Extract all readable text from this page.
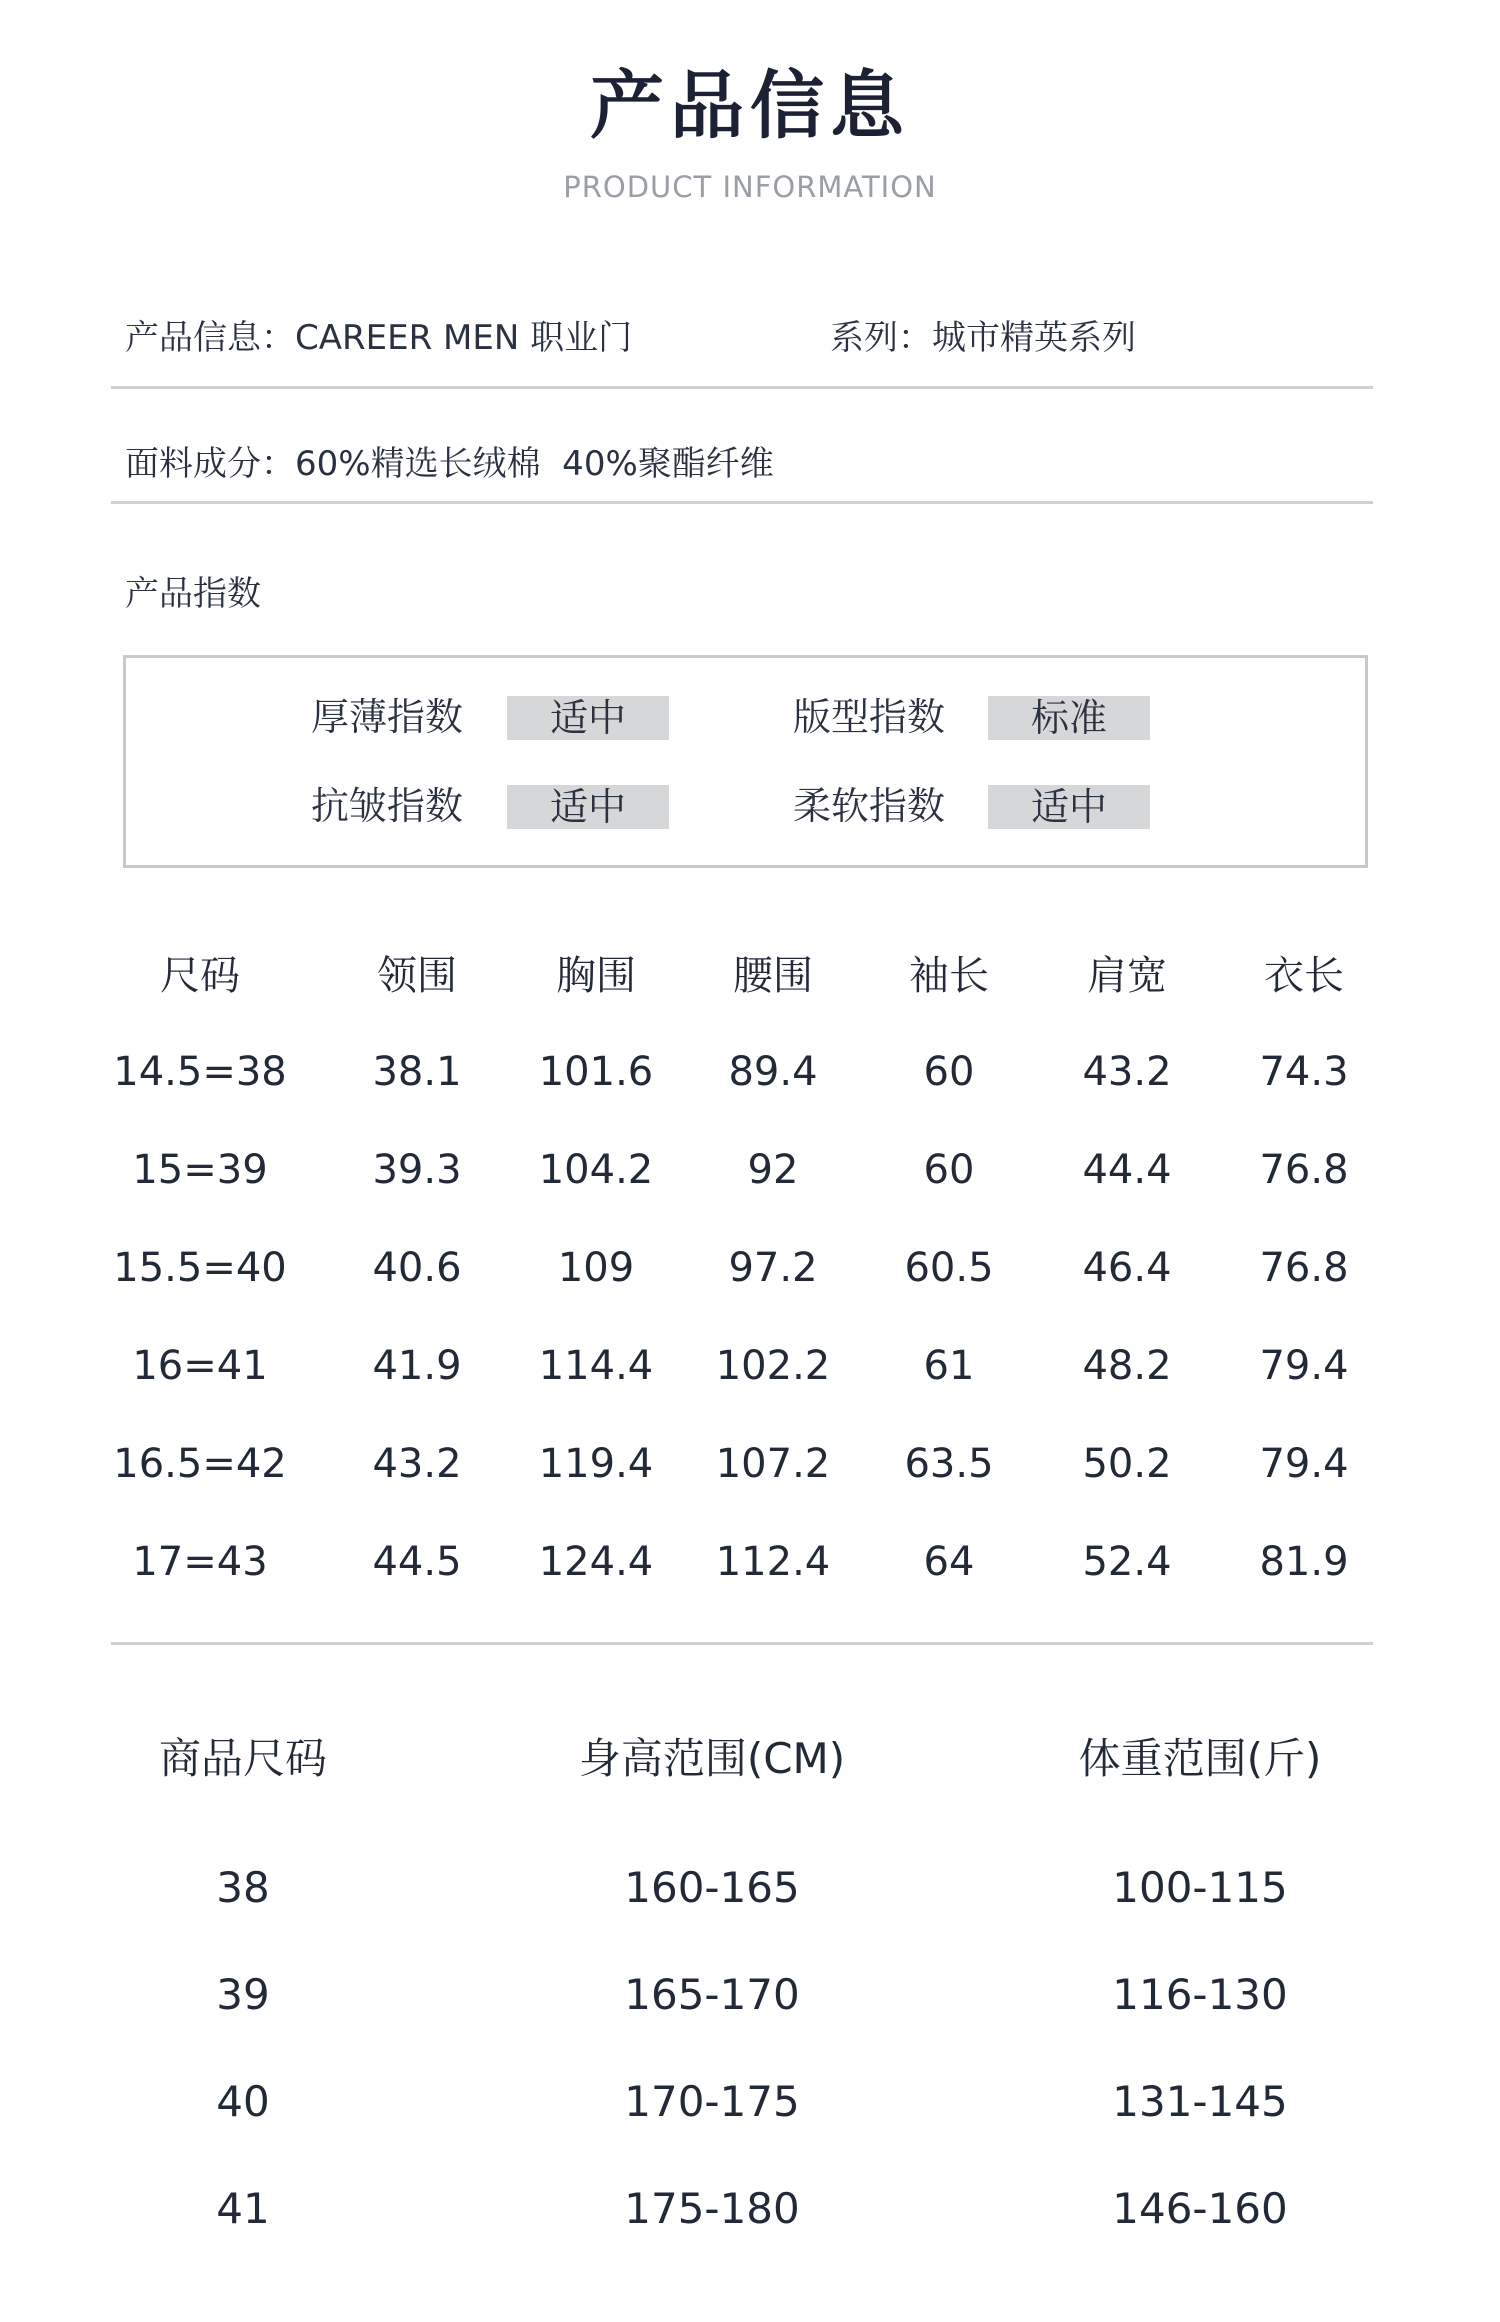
产品信息
PRODUCT INFORMATION
产品信息：CAREER MEN 职业门	系列：城市精英系列
面料成分：60%精选长绒棉  40%聚酯纤维
产品指数
厚薄指数	适中	版型指数	标准
抗皱指数	适中	柔软指数	适中
尺码	领围	胸围	腰围	袖长	肩宽	衣长
14.5=38	38.1	101.6	89.4	60	43.2	74.3
15=39	39.3	104.2	92	60	44.4	76.8
15.5=40	40.6	109	97.2	60.5	46.4	76.8
16=41	41.9	114.4	102.2	61	48.2	79.4
16.5=42	43.2	119.4	107.2	63.5	50.2	79.4
17=43	44.5	124.4	112.4	64	52.4	81.9
商品尺码	身高范围(CM)	体重范围(斤)
38	160-165	100-115
39	165-170	116-130
40	170-175	131-145
41	175-180	146-160
